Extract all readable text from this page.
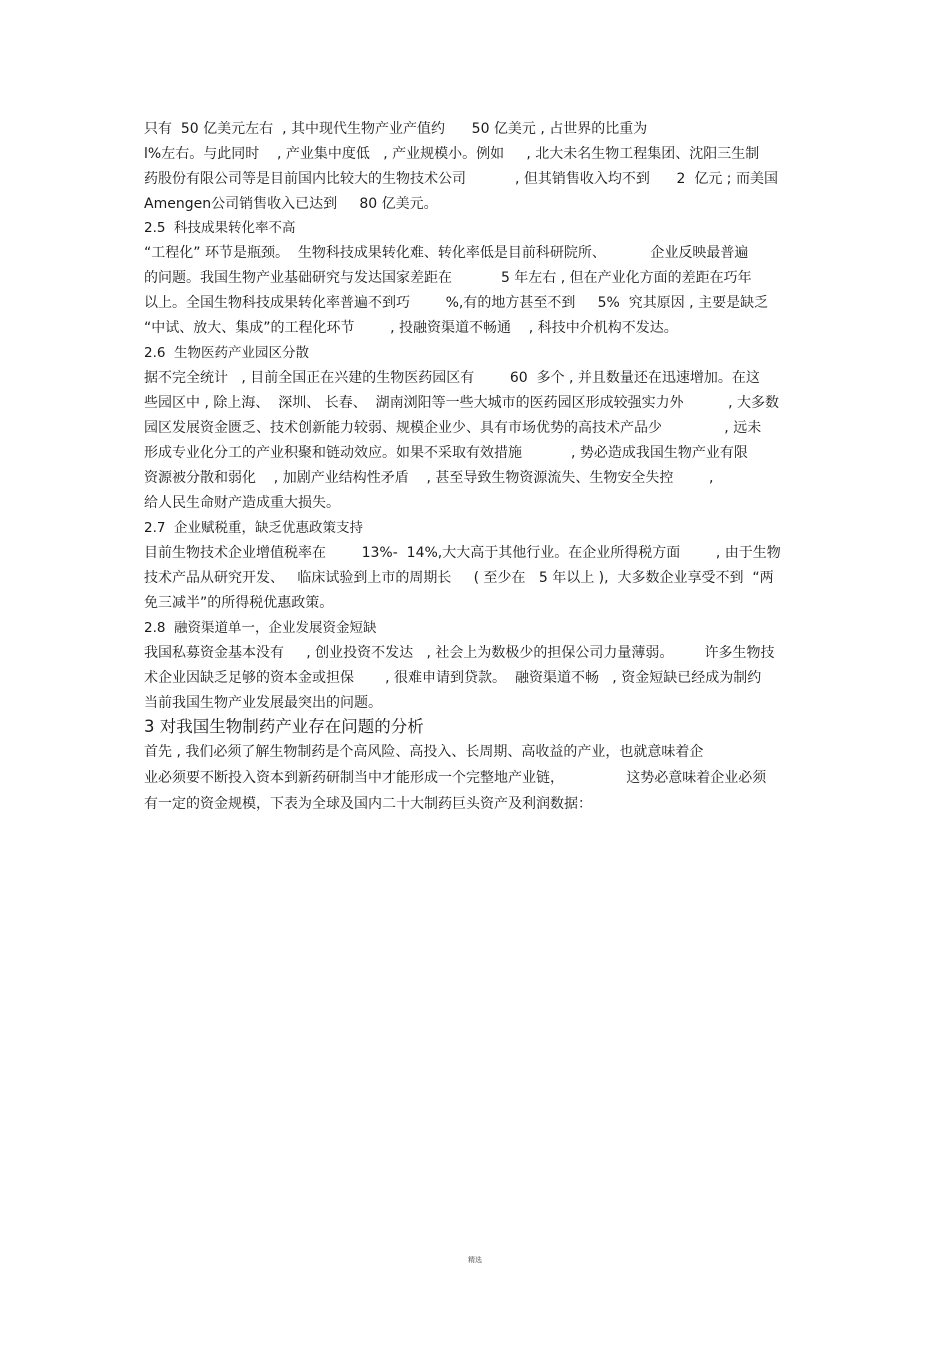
只有  50 亿美元左右  , 其中现代生物产业产值约      50 亿美元 , 占世界的比重为
l%左右。与此同时    , 产业集中度低   , 产业规模小。例如     , 北大未名生物工程集团、沈阳三生制
药股份有限公司等是目前国内比较大的生物技术公司           , 但其销售收入均不到      2  亿元 ; 而美国
Amengen公司销售收入已达到     80 亿美元。
2.5  科技成果转化率不高
“工程化” 环节是瓶颈。  生物科技成果转化难、转化率低是目前科研院所、          企业反映最普遍
的问题。我国生物产业基础研究与发达国家差距在           5 年左右 , 但在产业化方面的差距在巧年
以上。全国生物科技成果转化率普遍不到巧        %,有的地方甚至不到     5%  究其原因 , 主要是缺乏
“中试、放大、集成”的工程化环节        , 投融资渠道不畅通    , 科技中介机构不发达。
2.6  生物医药产业园区分散
据不完全统计   , 目前全国正在兴建的生物医药园区有        60  多个 , 并且数量还在迅速增加。在这
些园区中 , 除上海、  深圳、 长春、  湖南浏阳等一些大城市的医药园区形成较强实力外          , 大多数
园区发展资金匮乏、技术创新能力较弱、规模企业少、具有市场优势的高技术产品少              , 远未
形成专业化分工的产业积聚和链动效应。如果不采取有效措施           , 势必造成我国生物产业有限
资源被分散和弱化    , 加剧产业结构性矛盾    , 甚至导致生物资源流失、生物安全失控        ,
给人民生命财产造成重大损失。
2.7  企业赋税重，缺乏优惠政策支持
目前生物技术企业增值税率在        13%-  14%,大大高于其他行业。在企业所得税方面        , 由于生物
技术产品从研究开发、   临床试验到上市的周期长     ( 至少在   5 年以上 ),  大多数企业享受不到  “两
免三减半”的所得税优惠政策。
2.8  融资渠道单一，企业发展资金短缺
我国私募资金基本没有     , 创业投资不发达   , 社会上为数极少的担保公司力量薄弱。       许多生物技
术企业因缺乏足够的资本金或担保       , 很难申请到贷款。  融资渠道不畅   , 资金短缺已经成为制约
当前我国生物产业发展最突出的问题。
3 对我国生物制药产业存在问题的分析
首先 , 我们必须了解生物制药是个高风险、高投入、长周期、高收益的产业，也就意味着企
业必须要不断投入资本到新药研制当中才能形成一个完整地产业链，              这势必意味着企业必须
有一定的资金规模，下表为全球及国内二十大制药巨头资产及利润数据：
精选
